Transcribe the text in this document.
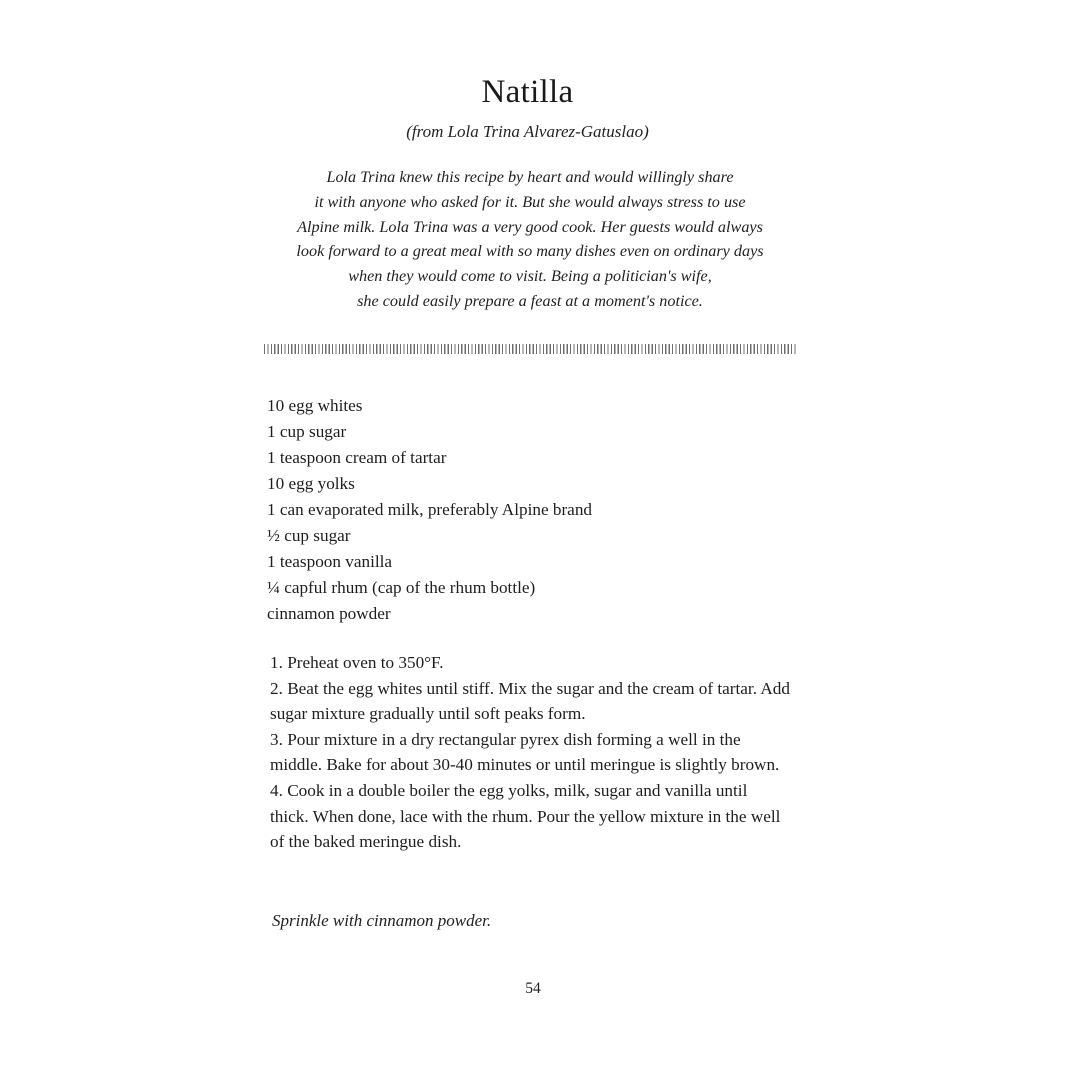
Natilla
(from Lola Trina Alvarez-Gatuslao)
Lola Trina knew this recipe by heart and would willingly share
it with anyone who asked for it. But she would always stress to use
Alpine milk. Lola Trina was a very good cook. Her guests would always
look forward to a great meal with so many dishes even on ordinary days
when they would come to visit. Being a politician's wife,
she could easily prepare a feast at a moment's notice.
10 egg whites
1 cup sugar
1 teaspoon cream of tartar
10 egg yolks
1 can evaporated milk, preferably Alpine brand
½ cup sugar
1 teaspoon vanilla
¼ capful rhum (cap of the rhum bottle)
cinnamon powder
1. Preheat oven to 350°F.
2. Beat the egg whites until stiff. Mix the sugar and the cream of tartar. Add sugar mixture gradually until soft peaks form.
3. Pour mixture in a dry rectangular pyrex dish forming a well in the middle. Bake for about 30-40 minutes or until meringue is slightly brown.
4. Cook in a double boiler the egg yolks, milk, sugar and vanilla until thick. When done, lace with the rhum. Pour the yellow mixture in the well of the baked meringue dish.
Sprinkle with cinnamon powder.
54
